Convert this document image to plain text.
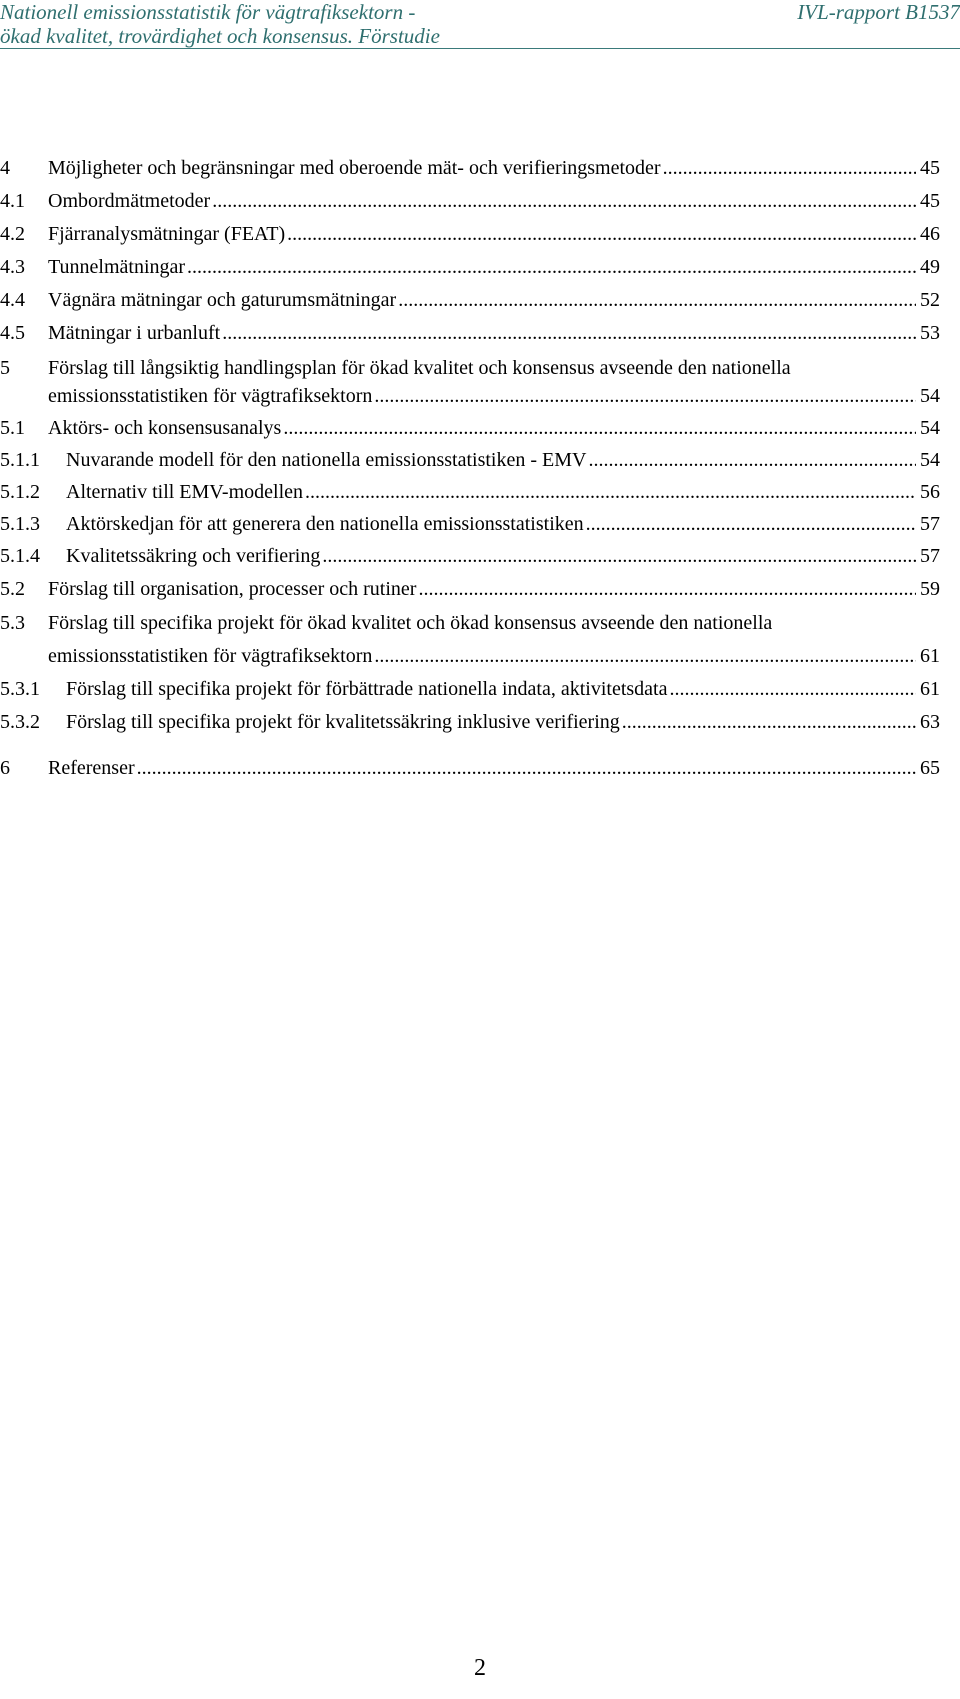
Nationell emissionsstatistik för vägtrafiksektorn -
ökad kvalitet, trovärdighet och konsensus. Förstudie
IVL-rapport B1537
4 Möjligheter och begränsningar med oberoende mät- och verifieringsmetoder .....	45
4.1 Ombordmätmetoder .....	45
4.2 Fjärranalysmätningar (FEAT) .....	46
4.3 Tunnelmätningar .....	49
4.4 Vägnära mätningar och gaturumsmätningar .....	52
4.5 Mätningar i urbanluft .....	53
5 Förslag till långsiktig handlingsplan för ökad kvalitet och konsensus avseende den nationella
emissionsstatistiken för vägtrafiksektorn .....	54
5.1 Aktörs- och konsensusanalys .....	54
5.1.1 Nuvarande modell för den nationella emissionsstatistiken - EMV .....	54
5.1.2 Alternativ till EMV-modellen .....	56
5.1.3 Aktörskedjan för att generera den nationella emissionsstatistiken .....	57
5.1.4 Kvalitetssäkring och verifiering .....	57
5.2 Förslag till organisation, processer och rutiner .....	59
5.3 Förslag till specifika projekt för ökad kvalitet och ökad konsensus avseende den nationella
emissionsstatistiken för vägtrafiksektorn .....	61
5.3.1 Förslag till specifika projekt för förbättrade nationella indata, aktivitetsdata .....	61
5.3.2 Förslag till specifika projekt för kvalitetssäkring inklusive verifiering .....	63
6 Referenser .....	65
2
